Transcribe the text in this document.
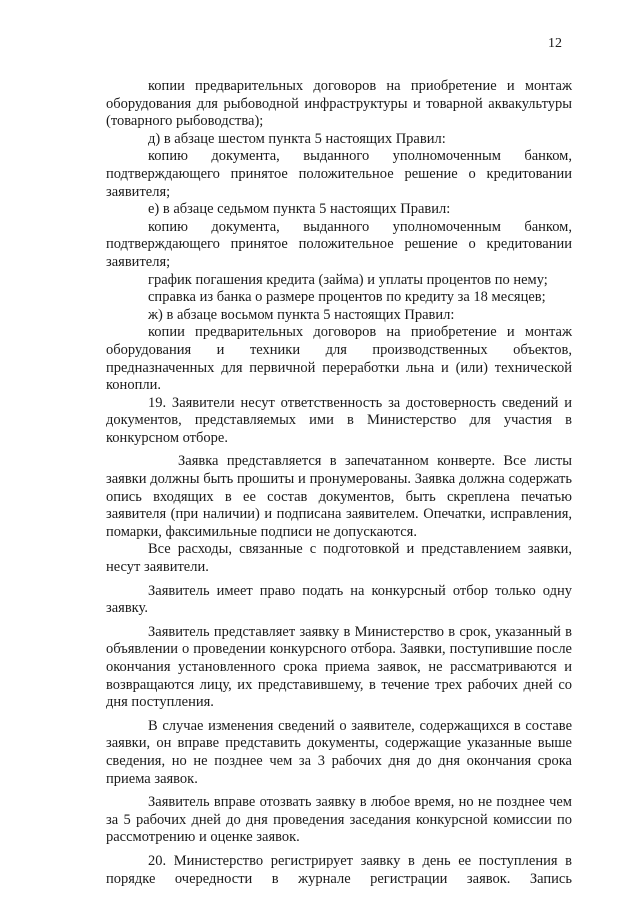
12

копии предварительных договоров на приобретение и монтаж оборудования для рыбоводной инфраструктуры и товарной аквакультуры (товарного рыбоводства);

д) в абзаце шестом пункта 5 настоящих Правил:

копию документа, выданного уполномоченным банком, подтверждающего принятое положительное решение о кредитовании заявителя;

е) в абзаце седьмом пункта 5 настоящих Правил:

копию документа, выданного уполномоченным банком, подтверждающего принятое положительное решение о кредитовании заявителя;

график погашения кредита (займа) и уплаты процентов по нему;

справка из банка о размере процентов по кредиту за 18 месяцев;

ж) в абзаце восьмом пункта 5 настоящих Правил:

копии предварительных договоров на приобретение и монтаж оборудования и техники для производственных объектов, предназначенных для первичной переработки льна и (или) технической конопли.

19. Заявители несут ответственность за достоверность сведений и документов, представляемых ими в Министерство для участия в конкурсном отборе.

Заявка представляется в запечатанном конверте. Все листы заявки должны быть прошиты и пронумерованы. Заявка должна содержать опись входящих в ее состав документов, быть скреплена печатью заявителя (при наличии) и подписана заявителем. Опечатки, исправления, помарки, факсимильные подписи не допускаются.

Все расходы, связанные с подготовкой и представлением заявки, несут заявители.

Заявитель имеет право подать на конкурсный отбор только одну заявку.

Заявитель представляет заявку в Министерство в срок, указанный в объявлении о проведении конкурсного отбора. Заявки, поступившие после окончания установленного срока приема заявок, не рассматриваются и возвращаются лицу, их представившему, в течение трех рабочих дней со дня поступления.

В случае изменения сведений о заявителе, содержащихся в составе заявки, он вправе представить документы, содержащие указанные выше сведения, но не позднее чем за 3 рабочих дня до дня окончания срока приема заявок.

Заявитель вправе отозвать заявку в любое время, но не позднее чем за 5 рабочих дней до дня проведения заседания конкурсной комиссии по рассмотрению и оценке заявок.

20. Министерство регистрирует заявку в день ее поступления в порядке очередности в журнале регистрации заявок. Запись
